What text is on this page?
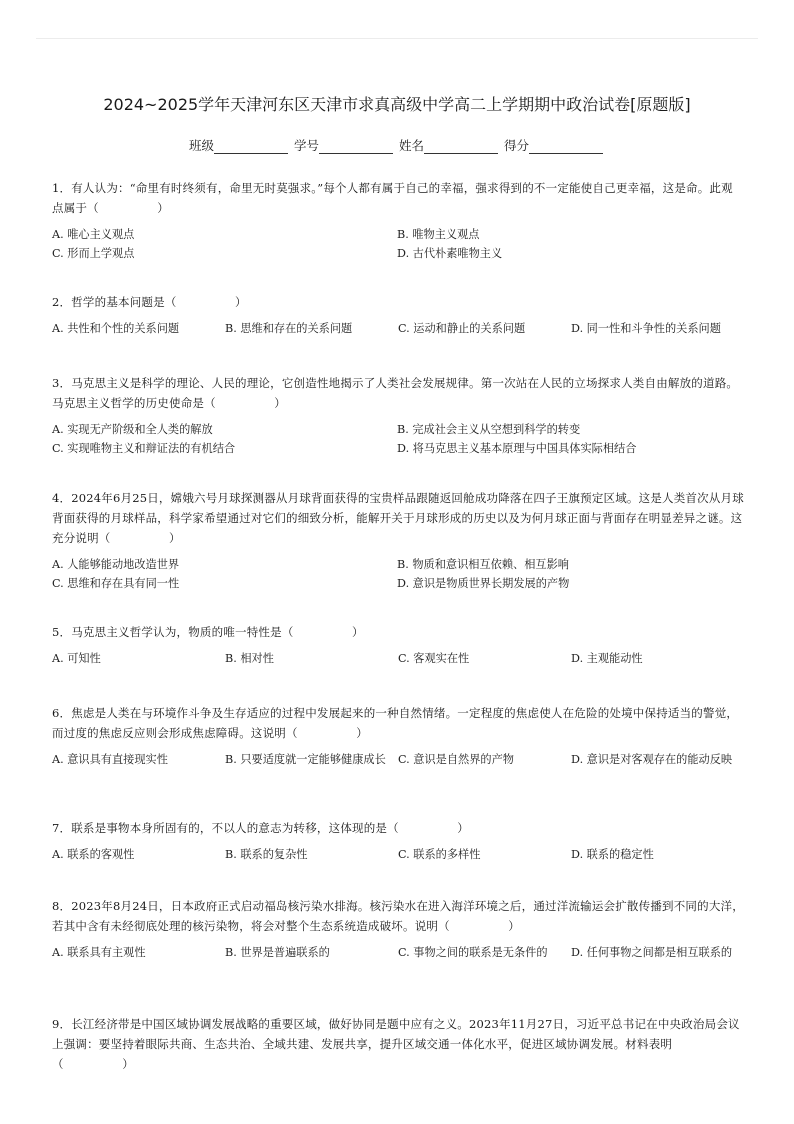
2024~2025学年天津河东区天津市求真高级中学高二上学期期中政治试卷[原题版]
班级	学号	姓名	得分
1．有人认为：“命里有时终须有，命里无时莫强求。”每个人都有属于自己的幸福，强求得到的不一定能使自己更幸福，这是命。此观点属于（　　　　　）
A. 唯心主义观点	B. 唯物主义观点
C. 形而上学观点	D. 古代朴素唯物主义
2．哲学的基本问题是（　　　　　）
A. 共性和个性的关系问题	B. 思维和存在的关系问题	C. 运动和静止的关系问题	D. 同一性和斗争性的关系问题
3．马克思主义是科学的理论、人民的理论，它创造性地揭示了人类社会发展规律。第一次站在人民的立场探求人类自由解放的道路。马克思主义哲学的历史使命是（　　　　　）
A. 实现无产阶级和全人类的解放	B. 完成社会主义从空想到科学的转变
C. 实现唯物主义和辩证法的有机结合	D. 将马克思主义基本原理与中国具体实际相结合
4．2024年6月25日，嫦娥六号月球探测器从月球背面获得的宝贵样品跟随返回舱成功降落在四子王旗预定区域。这是人类首次从月球背面获得的月球样品，科学家希望通过对它们的细致分析，能解开关于月球形成的历史以及为何月球正面与背面存在明显差异之谜。这充分说明（　　　　　）
A. 人能够能动地改造世界	B. 物质和意识相互依赖、相互影响
C. 思维和存在具有同一性	D. 意识是物质世界长期发展的产物
5．马克思主义哲学认为，物质的唯一特性是（　　　　　）
A. 可知性	B. 相对性	C. 客观实在性	D. 主观能动性
6．焦虑是人类在与环境作斗争及生存适应的过程中发展起来的一种自然情绪。一定程度的焦虑使人在危险的处境中保持适当的警觉，而过度的焦虑反应则会形成焦虑障碍。这说明（　　　　　）
A. 意识具有直接现实性	B. 只要适度就一定能够健康成长	C. 意识是自然界的产物	D. 意识是对客观存在的能动反映
7．联系是事物本身所固有的，不以人的意志为转移，这体现的是（　　　　　）
A. 联系的客观性	B. 联系的复杂性	C. 联系的多样性	D. 联系的稳定性
8．2023年8月24日，日本政府正式启动福岛核污染水排海。核污染水在进入海洋环境之后，通过洋流输运会扩散传播到不同的大洋，若其中含有未经彻底处理的核污染物，将会对整个生态系统造成破坏。说明（　　　　　）
A. 联系具有主观性	B. 世界是普遍联系的	C. 事物之间的联系是无条件的	D. 任何事物之间都是相互联系的
9．长江经济带是中国区域协调发展战略的重要区域，做好协同是题中应有之义。2023年11月27日，习近平总书记在中央政治局会议上强调：要坚持着眼际共商、生态共治、全域共建、发展共享，提升区域交通一体化水平，促进区域协调发展。材料表明（　　　　　）
